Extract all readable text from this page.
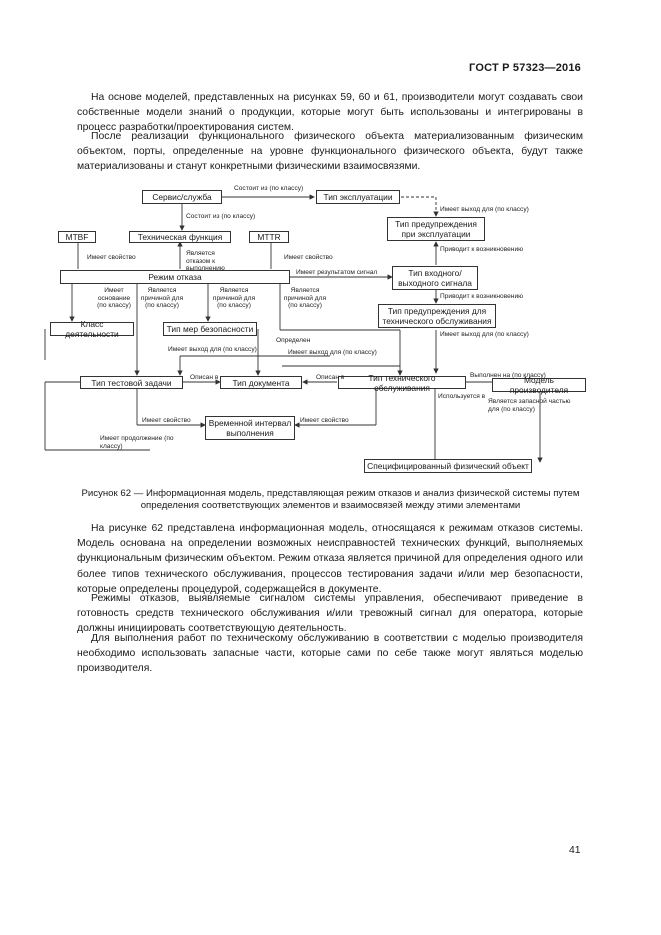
ГОСТ Р 57323—2016

На основе моделей, представленных на рисунках 59, 60 и 61, производители могут создавать свои собственные модели знаний о продукции, которые могут быть использованы и интегрированы в процесс разработки/проектирования систем.

После реализации функционального физического объекта материализованным физическим объектом, порты, определенные на уровне функционального физического объекта, будут также материализованы и станут конкретными физическими взаимосвязями.

Сервис/служба	Тип эксплуатации
MTBF	Техническая функция	MTTR
Тип предупреждения при эксплуатации
Режим отказа	Тип входного/ выходного сигнала
Тип предупреждения для технического обслуживания
Класс деятельности	Тип мер безопасности
Тип тестовой задачи	Тип документа	Тип технического обслуживания
Модель производителя
Временной интервал выполнения
Специфицированный физический объект
Состоит из (по классу)
Состоит из (по классу)
Имеет выход для (по классу)
Имеет свойство
Является отказом к выполнению
Имеет свойство
Приводит к возникновению
Имеет результатом сигнал
Приводит к возникновению
Имеет основание (по классу)
Является причиной для (по классу)
Является причиной для (по классу)
Является причиной для (по классу)
Имеет выход для (по классу)
Определен
Имеет выход для (по классу)	Имеет выход для (по классу)
Описан в	Описан в	Выполнен на (по классу)
Используется в
Имеет свойство	Имеет свойство
Является запасной частью для (по классу)
Имеет продолжение (по классу)
Рисунок 62 — Информационная модель, представляющая режим отказов и анализ физической системы путем определения соответствующих элементов и взаимосвязей между этими элементами

На рисунке 62 представлена информационная модель, относящаяся к режимам отказов системы. Модель основана на определении возможных неисправностей технических функций, выполняемых функциональным физическим объектом. Режим отказа является причиной для определения одного или более типов технического обслуживания, процессов тестирования задачи и/или мер безопасности, которые определены процедурой, содержащейся в документе.

Режимы отказов, выявляемые сигналом системы управления, обеспечивают приведение в готовность средств технического обслуживания и/или тревожный сигнал для оператора, которые должны инициировать соответствующую деятельность.

Для выполнения работ по техническому обслуживанию в соответствии с моделью производителя необходимо использовать запасные части, которые сами по себе также могут являться моделью производителя.

41
